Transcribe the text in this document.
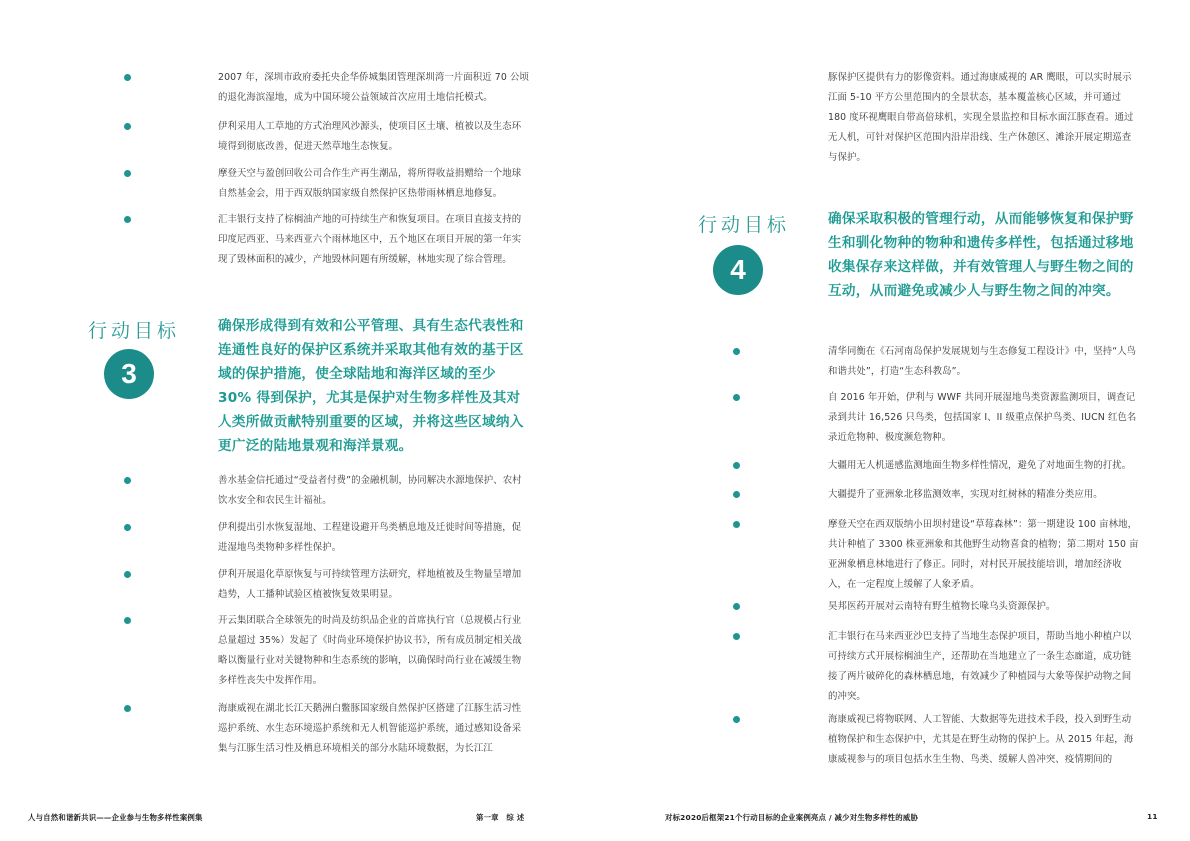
2007 年，深圳市政府委托央企华侨城集团管理深圳湾一片面积近 70 公顷的退化海滨湿地，成为中国环境公益领域首次应用土地信托模式。
伊利采用人工草地的方式治理风沙源头，使项目区土壤、植被以及生态环境得到彻底改善，促进天然草地生态恢复。
摩登天空与盈创回收公司合作生产再生潮品，将所得收益捐赠给一个地球自然基金会，用于西双版纳国家级自然保护区热带雨林栖息地修复。
汇丰银行支持了棕榈油产地的可持续生产和恢复项目。在项目直接支持的印度尼西亚、马来西亚六个雨林地区中，五个地区在项目开展的第一年实现了毁林面积的减少，产地毁林问题有所缓解，林地实现了综合管理。
行动目标
3
确保形成得到有效和公平管理、具有生态代表性和连通性良好的保护区系统并采取其他有效的基于区域的保护措施，使全球陆地和海洋区域的至少 30% 得到保护，尤其是保护对生物多样性及其对人类所做贡献特别重要的区域，并将这些区域纳入更广泛的陆地景观和海洋景观。
善水基金信托通过“受益者付费”的金融机制，协同解决水源地保护、农村饮水安全和农民生计福祉。
伊利提出引水恢复湿地、工程建设避开鸟类栖息地及迁徙时间等措施，促进湿地鸟类物种多样性保护。
伊利开展退化草原恢复与可持续管理方法研究，样地植被及生物量呈增加趋势，人工播种试验区植被恢复效果明显。
开云集团联合全球领先的时尚及纺织品企业的首席执行官（总规模占行业总量超过 35%）发起了《时尚业环境保护协议书》，所有成员制定相关战略以衡量行业对关键物种和生态系统的影响，以确保时尚行业在减缓生物多样性丧失中发挥作用。
海康威视在湖北长江天鹅洲白鳖豚国家级自然保护区搭建了江豚生活习性巡护系统、水生态环境巡护系统和无人机智能巡护系统，通过感知设备采集与江豚生活习性及栖息环境相关的部分水陆环境数据，为长江江
人与自然和谐新共识——企业参与生物多样性案例集	第一章　综 述
豚保护区提供有力的影像资料。通过海康威视的 AR 鹰眼，可以实时展示江面 5-10 平方公里范围内的全景状态，基本覆盖核心区域，并可通过 180 度环视鹰眼自带高倍球机，实现全景监控和目标水面江豚查看。通过无人机，可针对保护区范围内沿岸沿线、生产休憩区、滩涂开展定期巡查与保护。
行动目标
4
确保采取积极的管理行动，从而能够恢复和保护野生和驯化物种的物种和遗传多样性，包括通过移地收集保存来这样做，并有效管理人与野生物之间的互动，从而避免或减少人与野生物之间的冲突。
清华同衡在《石河南岛保护发展规划与生态修复工程设计》中，坚持“人鸟和谐共处”，打造“生态科教岛”。
自 2016 年开始，伊利与 WWF 共同开展湿地鸟类资源监测项目，调查记录到共计 16,526 只鸟类，包括国家 I、II 级重点保护鸟类、IUCN 红色名录近危物种、极度濒危物种。
大疆用无人机遥感监测地面生物多样性情况，避免了对地面生物的打扰。
大疆提升了亚洲象北移监测效率，实现对红树林的精准分类应用。
摩登天空在西双版纳小田坝村建设“草莓森林”：第一期建设 100 亩林地，共计种植了 3300 株亚洲象和其他野生动物喜食的植物；第二期对 150 亩亚洲象栖息林地进行了修正。同时，对村民开展技能培训，增加经济收入，在一定程度上缓解了人象矛盾。
昊邦医药开展对云南特有野生植物长喙乌头资源保护。
汇丰银行在马来西亚沙巴支持了当地生态保护项目，帮助当地小种植户以可持续方式开展棕榈油生产，还帮助在当地建立了一条生态廊道，成功链接了两片破碎化的森林栖息地，有效减少了种植园与大象等保护动物之间的冲突。
海康威视已将物联网、人工智能、大数据等先进技术手段，投入到野生动植物保护和生态保护中，尤其是在野生动物的保护上。从 2015 年起，海康威视参与的项目包括水生生物、鸟类、缓解人兽冲突、疫情期间的
对标2020后框架21个行动目标的企业案例亮点 / 减少对生物多样性的威胁	11
